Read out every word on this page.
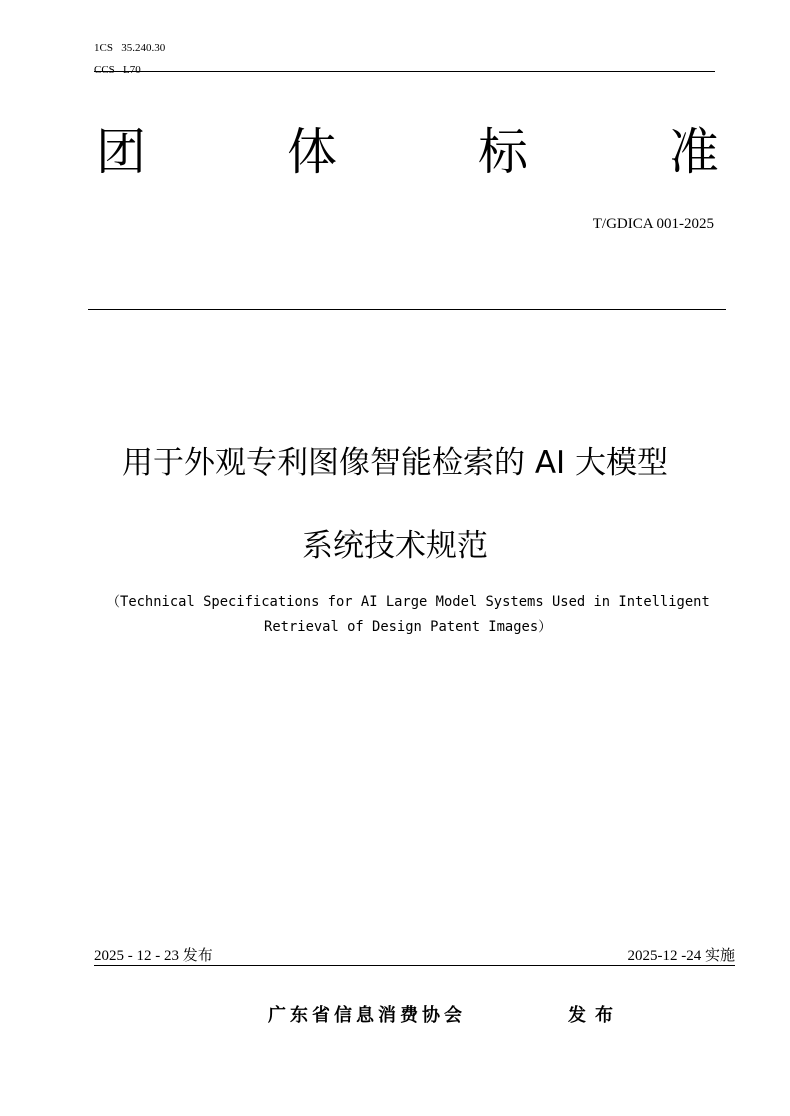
1CS   35.240.30
CCS   L70
团	体	标	准
T/GDICA 001-2025
用于外观专利图像智能检索的 AI 大模型
系统技术规范
（Technical Specifications for AI Large Model Systems Used in Intelligent
Retrieval of Design Patent Images）
2025 - 12 - 23 发布	2025-12 -24 实施
广东省信息消费协会	发布
